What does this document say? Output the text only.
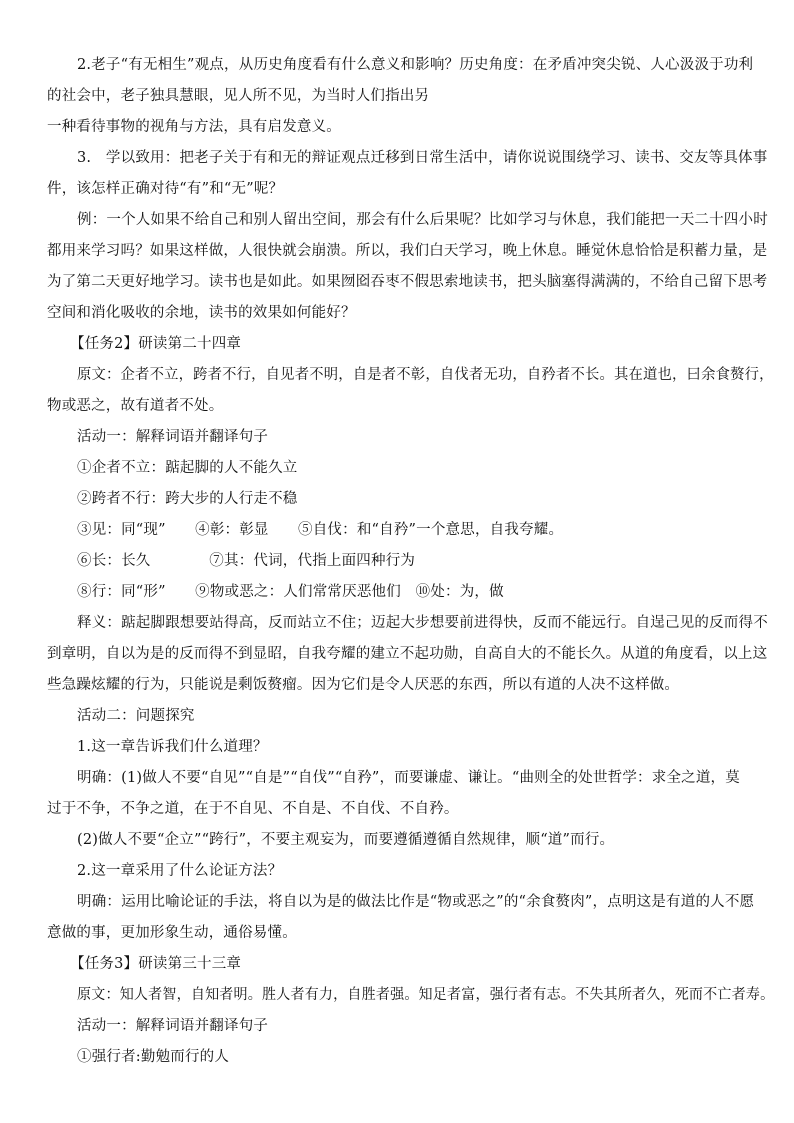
2.老子“有无相生”观点，从历史角度看有什么意义和影响？历史角度：在矛盾冲突尖锐、人心汲汲于功利
的社会中，老子独具慧眼，见人所不见，为当时人们指出另
一种看待事物的视角与方法，具有启发意义。
3.　学以致用：把老子关于有和无的辩证观点迁移到日常生活中，请你说说围绕学习、读书、交友等具体事
件，该怎样正确对待“有”和“无”呢？
例：一个人如果不给自己和别人留出空间，那会有什么后果呢？比如学习与休息，我们能把一天二十四小时
都用来学习吗？如果这样做，人很快就会崩溃。所以，我们白天学习，晚上休息。睡觉休息恰恰是积蓄力量，是
为了第二天更好地学习。读书也是如此。如果囫囵吞枣不假思索地读书，把头脑塞得满满的，不给自己留下思考
空间和消化吸收的余地，读书的效果如何能好？
【任务2】研读第二十四章
原文：企者不立，跨者不行，自见者不明，自是者不彰，自伐者无功，自矜者不长。其在道也，曰余食赘行，
物或恶之，故有道者不处。
活动一：解释词语并翻译句子
①企者不立：踮起脚的人不能久立
②跨者不行：跨大步的人行走不稳
③见：同“现”　　④彰：彰显　　⑤自伐：和“自矜”一个意思，自我夸耀。
⑥长：长久　　　　⑦其：代词，代指上面四种行为
⑧行：同“形”　　⑨物或恶之：人们常常厌恶他们　⑩处：为，做
释义：踮起脚跟想要站得高，反而站立不住；迈起大步想要前进得快，反而不能远行。自逞己见的反而得不
到章明，自以为是的反而得不到显昭，自我夸耀的建立不起功勋，自高自大的不能长久。从道的角度看，以上这
些急躁炫耀的行为，只能说是剩饭赘瘤。因为它们是令人厌恶的东西，所以有道的人决不这样做。
活动二：问题探究
1.这一章告诉我们什么道理？
明确：(1)做人不要“自见”“自是”“自伐”“自矜”，而要谦虚、谦让。“曲则全的处世哲学：求全之道，莫
过于不争，不争之道，在于不自见、不自是、不自伐、不自矜。
(2)做人不要“企立”“跨行”，不要主观妄为，而要遵循遵循自然规律，顺“道”而行。
2.这一章采用了什么论证方法？
明确：运用比喻论证的手法，将自以为是的做法比作是“物或恶之”的“余食赘肉”，点明这是有道的人不愿
意做的事，更加形象生动，通俗易懂。
【任务3】研读第三十三章
原文：知人者智，自知者明。胜人者有力，自胜者强。知足者富，强行者有志。不失其所者久，死而不亡者寿。
活动一：解释词语并翻译句子
①强行者:勤勉而行的人
